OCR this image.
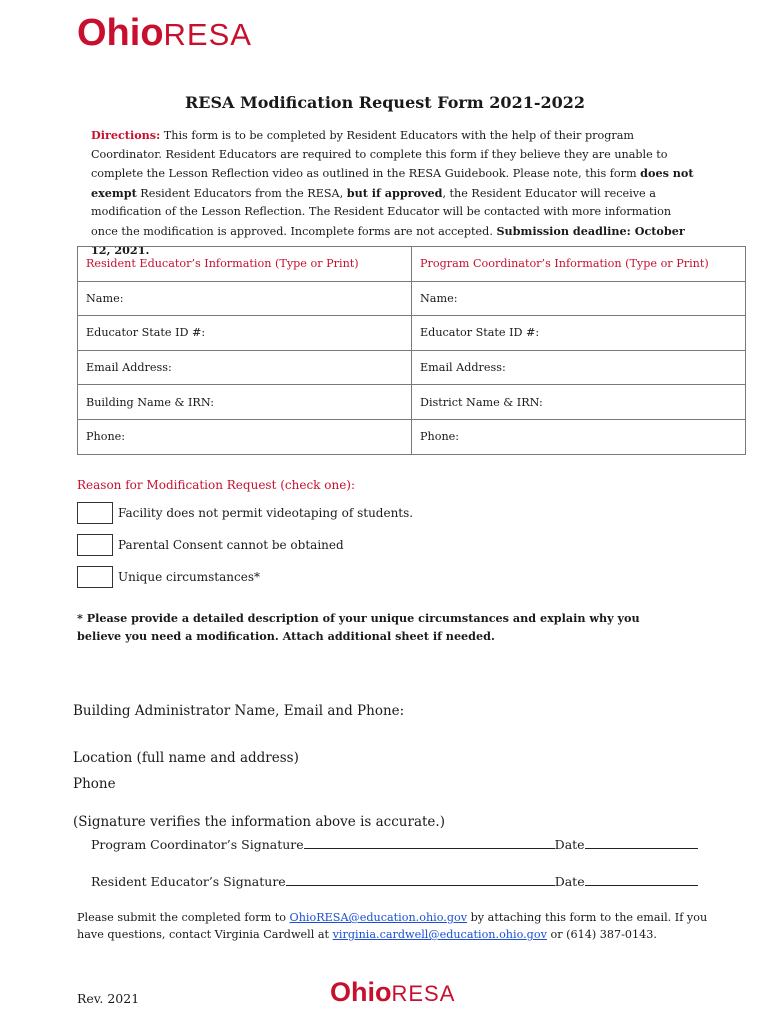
OhioRESA
RESA Modification Request Form 2021-2022
Directions: This form is to be completed by Resident Educators with the help of their program Coordinator. Resident Educators are required to complete this form if they believe they are unable to complete the Lesson Reflection video as outlined in the RESA Guidebook. Please note, this form does not exempt Resident Educators from the RESA, but if approved, the Resident Educator will receive a modification of the Lesson Reflection. The Resident Educator will be contacted with more information once the modification is approved. Incomplete forms are not accepted. Submission deadline: October 12, 2021.
Resident Educator’s Information (Type or Print)	Program Coordinator’s Information (Type or Print)
Name:	Name:
Educator State ID #:	Educator State ID #:
Email Address:	Email Address:
Building Name & IRN:	District Name & IRN:
Phone:	Phone:
Reason for Modification Request (check one):
Facility does not permit videotaping of students.
Parental Consent cannot be obtained
Unique circumstances*
* Please provide a detailed description of your unique circumstances and explain why you believe you need a modification. Attach additional sheet if needed.
Building Administrator Name, Email and Phone:
Location (full name and address)
Phone
(Signature verifies the information above is accurate.)
Program Coordinator’s Signature	Date
Resident Educator’s Signature	Date
Please submit the completed form to OhioRESA@education.ohio.gov by attaching this form to the email. If you have questions, contact Virginia Cardwell at virginia.cardwell@education.ohio.gov or (614) 387-0143.
Rev. 2021	OhioRESA
